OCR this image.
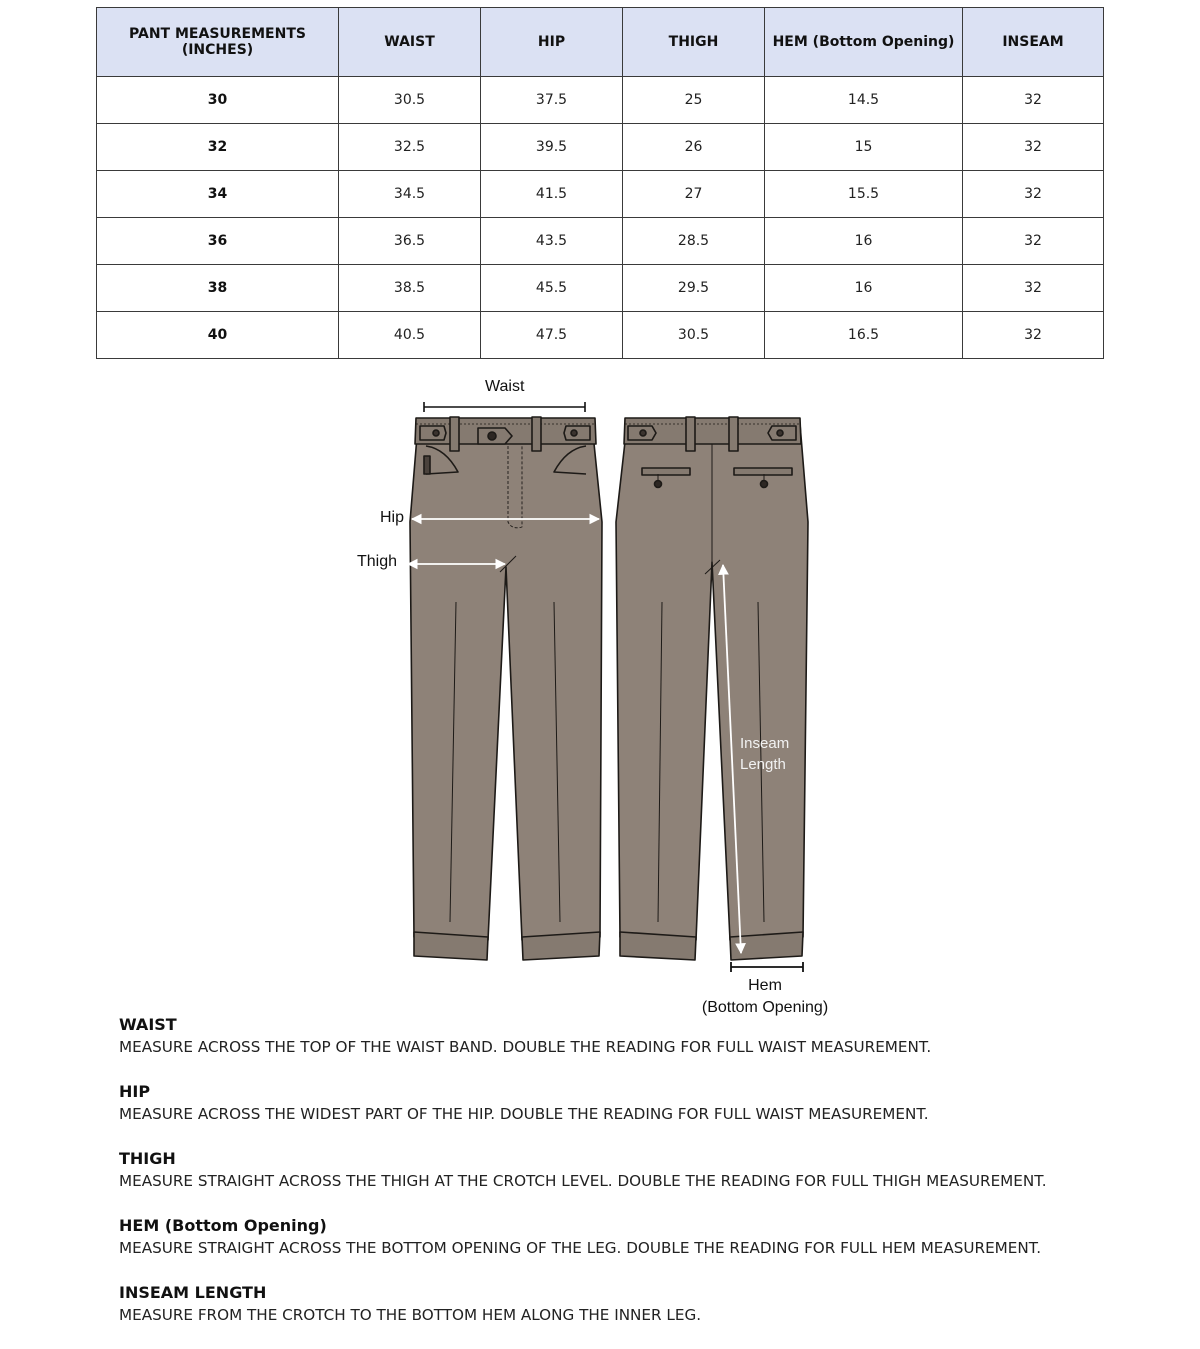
PANT MEASUREMENTS (INCHES)	WAIST	HIP	THIGH	HEM (Bottom Opening)	INSEAM
30	30.5	37.5	25	14.5	32
32	32.5	39.5	26	15	32
34	34.5	41.5	27	15.5	32
36	36.5	43.5	28.5	16	32
38	38.5	45.5	29.5	16	32
40	40.5	47.5	30.5	16.5	32
Waist
Hip
Thigh
Inseam
Length
Hem
(Bottom Opening)
WAIST
MEASURE ACROSS THE TOP OF THE WAIST BAND. DOUBLE THE READING FOR FULL WAIST MEASUREMENT.
HIP
MEASURE ACROSS THE WIDEST PART OF THE HIP. DOUBLE THE READING FOR FULL WAIST MEASUREMENT.
THIGH
MEASURE STRAIGHT ACROSS THE THIGH AT THE CROTCH LEVEL. DOUBLE THE READING FOR FULL THIGH MEASUREMENT.
HEM (Bottom Opening)
MEASURE STRAIGHT ACROSS THE BOTTOM OPENING OF THE LEG. DOUBLE THE READING FOR FULL HEM MEASUREMENT.
INSEAM LENGTH
MEASURE FROM THE CROTCH TO THE BOTTOM HEM ALONG THE INNER LEG.
